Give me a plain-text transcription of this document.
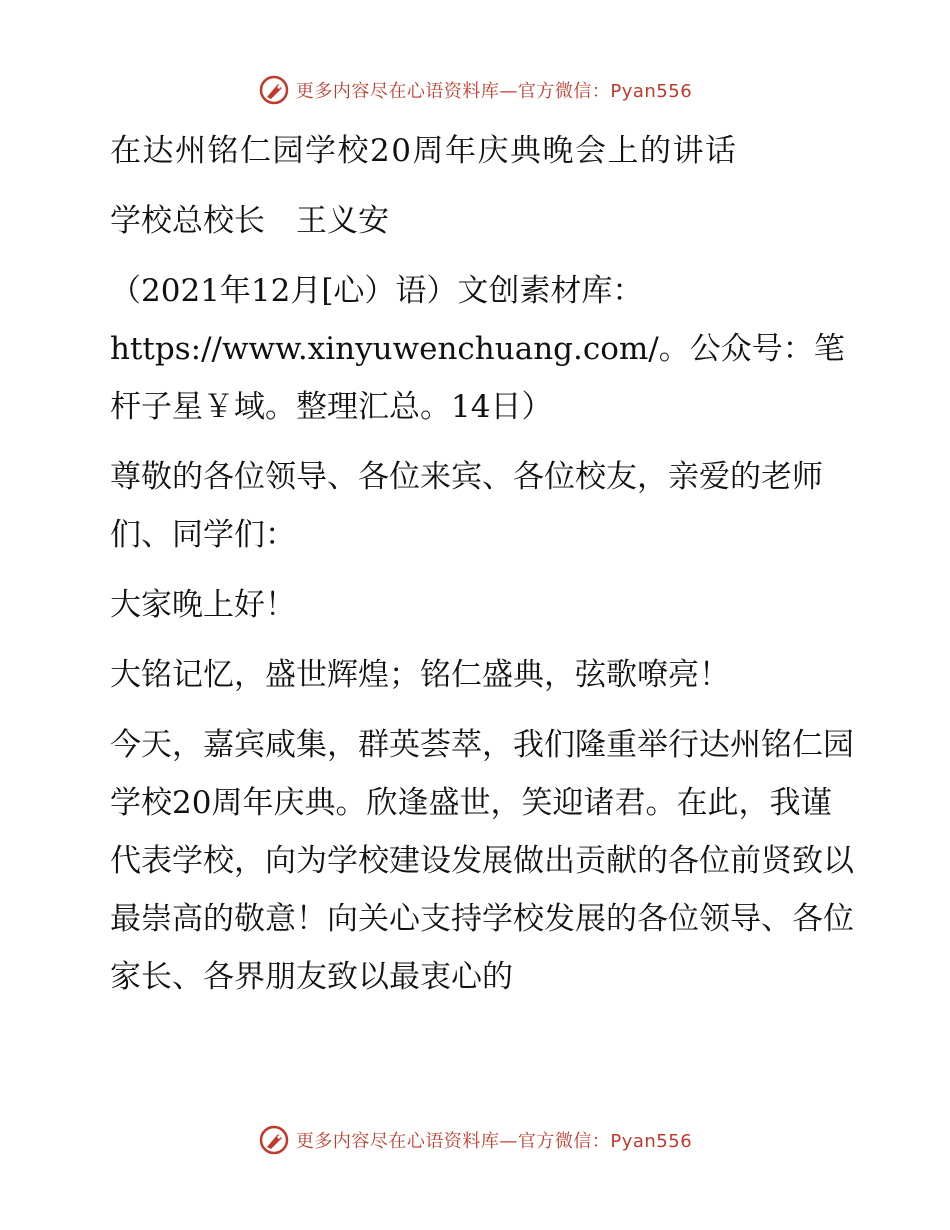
更多内容尽在心语资料库—官方微信：Pyan556

在达州铭仁园学校20周年庆典晚会上的讲话

学校总校长　王义安

（2021年12月[心）语）文创素材库：https://www.xinyuwenchuang.com/。公众号：笔杆子星￥域。整理汇总。14日）

尊敬的各位领导、各位来宾、各位校友，亲爱的老师们、同学们：

大家晚上好！

大铭记忆，盛世辉煌；铭仁盛典，弦歌嘹亮！

今天，嘉宾咸集，群英荟萃，我们隆重举行达州铭仁园学校20周年庆典。欣逢盛世，笑迎诸君。在此，我谨代表学校，向为学校建设发展做出贡献的各位前贤致以最崇高的敬意！向关心支持学校发展的各位领导、各位家长、各界朋友致以最衷心的

更多内容尽在心语资料库—官方微信：Pyan556
